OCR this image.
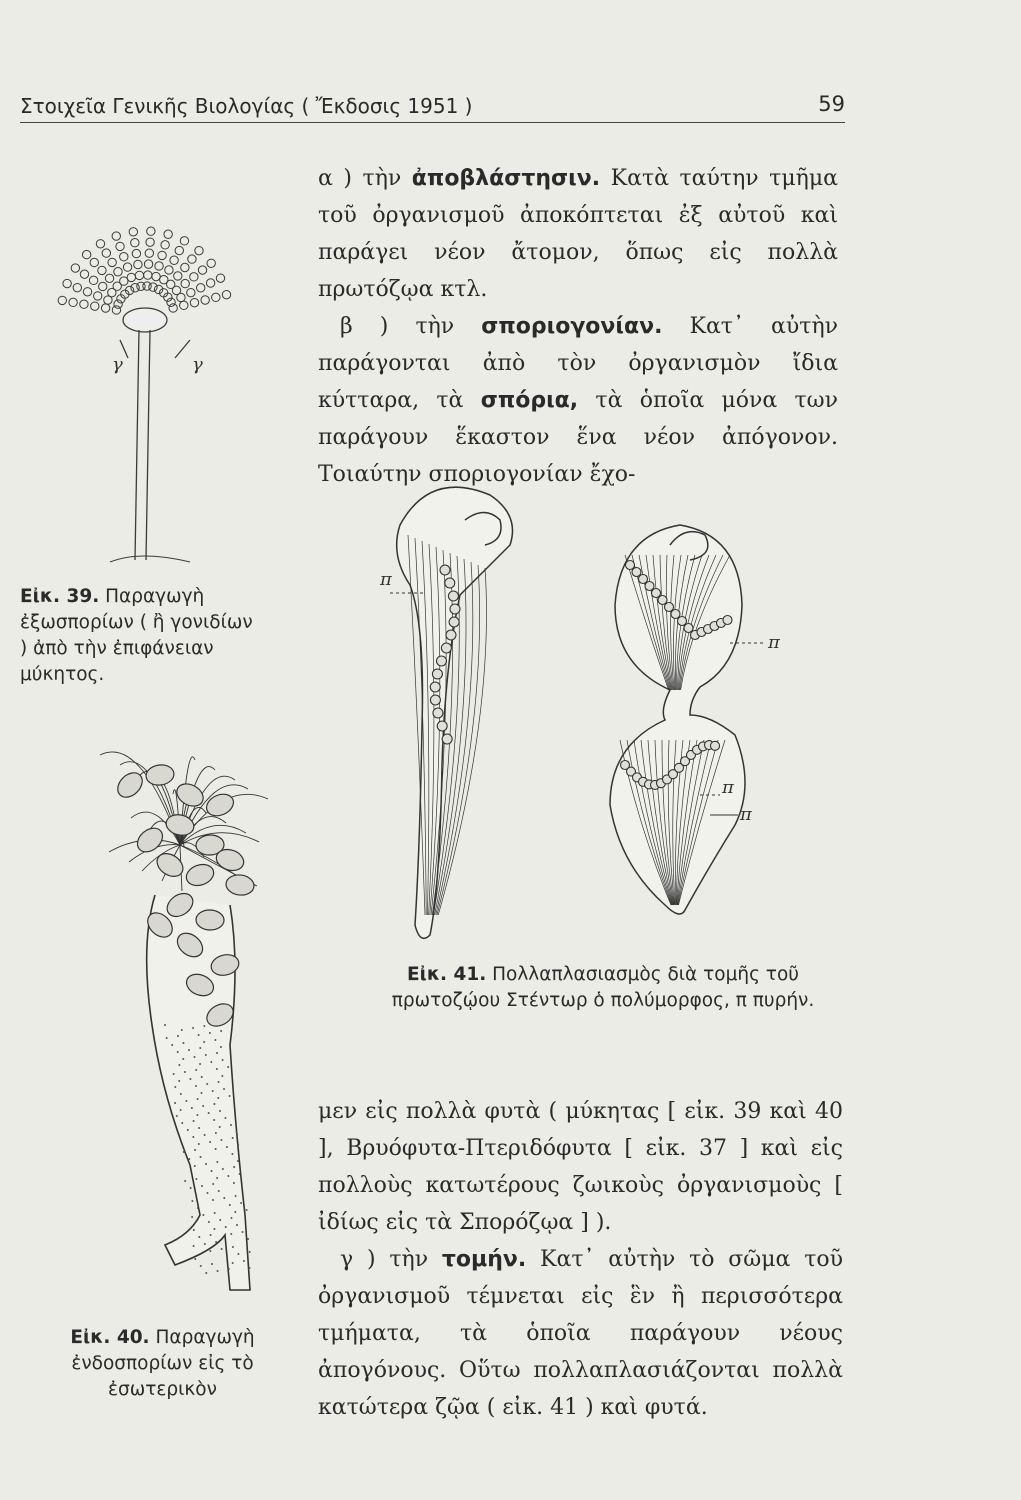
Στοιχεῖα Γενικῆς Βιολογίας ( Ἔκδοσις 1951 )	59

α ) τὴν ἀποβλάστησιν. Κατὰ ταύτην τμῆμα τοῦ ὀργανισμοῦ ἀποκόπτεται ἐξ αὐτοῦ καὶ παράγει νέον ἄτομον, ὅπως εἰς πολλὰ πρωτόζῳα κτλ.

β ) τὴν σποριογονίαν. Κατ᾽ αὐτὴν παράγονται ἀπὸ τὸν ὀργανισμὸν ἴδια κύτταρα, τὰ σπόρια, τὰ ὁποῖα μόνα των παράγουν ἕκαστον ἕνα νέον ἀπόγονον. Τοιαύτην σποριογονίαν ἔχο-

γ	γ
Εἰκ. 39. Παραγωγὴ ἐξωσπορίων ( ἢ γονιδίων ) ἀπὸ τὴν ἐπιφάνειαν μύκητος.
Εἰκ. 40. Παραγωγὴ ἐνδοσπορίων εἰς τὸ ἐσωτερικὸν
π
π
π
π
Εἰκ. 41. Πολλαπλασιασμὸς διὰ τομῆς τοῦ πρωτοζῴου Στέντωρ ὁ πολύμορφος, π πυρήν.

μεν εἰς πολλὰ φυτὰ ( μύκητας [ εἰκ. 39 καὶ 40 ], Βρυόφυτα-Πτεριδόφυτα [ εἰκ. 37 ] καὶ εἰς πολλοὺς κατωτέρους ζωικοὺς ὀργανισμοὺς [ ἰδίως εἰς τὰ Σπορόζῳα ] ).

γ ) τὴν τομήν. Κατ᾽ αὐτὴν τὸ σῶμα τοῦ ὀργανισμοῦ τέμνεται εἰς ἓν ἢ περισσότερα τμήματα, τὰ ὁποῖα παράγουν νέους ἀπογόνους. Οὕτω πολλαπλασιάζονται πολλὰ κατώτερα ζῷα ( εἰκ. 41 ) καὶ φυτά.
